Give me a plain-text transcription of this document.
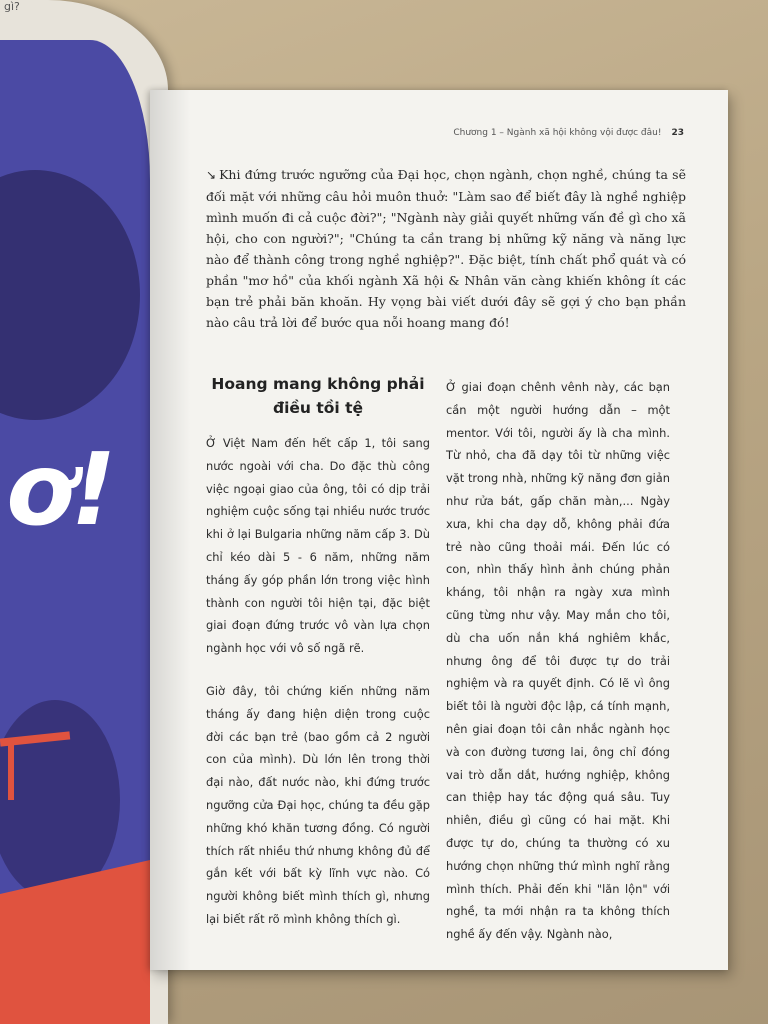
ơ!
gì?
Chương 1 – Ngành xã hội không vội được đâu! 23
↘ Khi đứng trước ngưỡng của Đại học, chọn ngành, chọn nghề, chúng ta sẽ đối mặt với những câu hỏi muôn thuở: "Làm sao để biết đây là nghề nghiệp mình muốn đi cả cuộc đời?"; "Ngành này giải quyết những vấn đề gì cho xã hội, cho con người?"; "Chúng ta cần trang bị những kỹ năng và năng lực nào để thành công trong nghề nghiệp?". Đặc biệt, tính chất phổ quát và có phần "mơ hồ" của khối ngành Xã hội & Nhân văn càng khiến không ít các bạn trẻ phải băn khoăn. Hy vọng bài viết dưới đây sẽ gợi ý cho bạn phần nào câu trả lời để bước qua nỗi hoang mang đó!
Hoang mang không phải điều tồi tệ

Ở Việt Nam đến hết cấp 1, tôi sang nước ngoài với cha. Do đặc thù công việc ngoại giao của ông, tôi có dịp trải nghiệm cuộc sống tại nhiều nước trước khi ở lại Bulgaria những năm cấp 3. Dù chỉ kéo dài 5 - 6 năm, những năm tháng ấy góp phần lớn trong việc hình thành con người tôi hiện tại, đặc biệt giai đoạn đứng trước vô vàn lựa chọn ngành học với vô số ngã rẽ.

Giờ đây, tôi chứng kiến những năm tháng ấy đang hiện diện trong cuộc đời các bạn trẻ (bao gồm cả 2 người con của mình). Dù lớn lên trong thời đại nào, đất nước nào, khi đứng trước ngưỡng cửa Đại học, chúng ta đều gặp những khó khăn tương đồng. Có người thích rất nhiều thứ nhưng không đủ để gắn kết với bất kỳ lĩnh vực nào. Có người không biết mình thích gì, nhưng lại biết rất rõ mình không thích gì.

Ở giai đoạn chênh vênh này, các bạn cần một người hướng dẫn – một mentor. Với tôi, người ấy là cha mình. Từ nhỏ, cha đã dạy tôi từ những việc vặt trong nhà, những kỹ năng đơn giản như rửa bát, gấp chăn màn,... Ngày xưa, khi cha dạy dỗ, không phải đứa trẻ nào cũng thoải mái. Đến lúc có con, nhìn thấy hình ảnh chúng phản kháng, tôi nhận ra ngày xưa mình cũng từng như vậy. May mắn cho tôi, dù cha uốn nắn khá nghiêm khắc, nhưng ông để tôi được tự do trải nghiệm và ra quyết định. Có lẽ vì ông biết tôi là người độc lập, cá tính mạnh, nên giai đoạn tôi cân nhắc ngành học và con đường tương lai, ông chỉ đóng vai trò dẫn dắt, hướng nghiệp, không can thiệp hay tác động quá sâu. Tuy nhiên, điều gì cũng có hai mặt. Khi được tự do, chúng ta thường có xu hướng chọn những thứ mình nghĩ rằng mình thích. Phải đến khi "lăn lộn" với nghề, ta mới nhận ra ta không thích nghề ấy đến vậy. Ngành nào,
